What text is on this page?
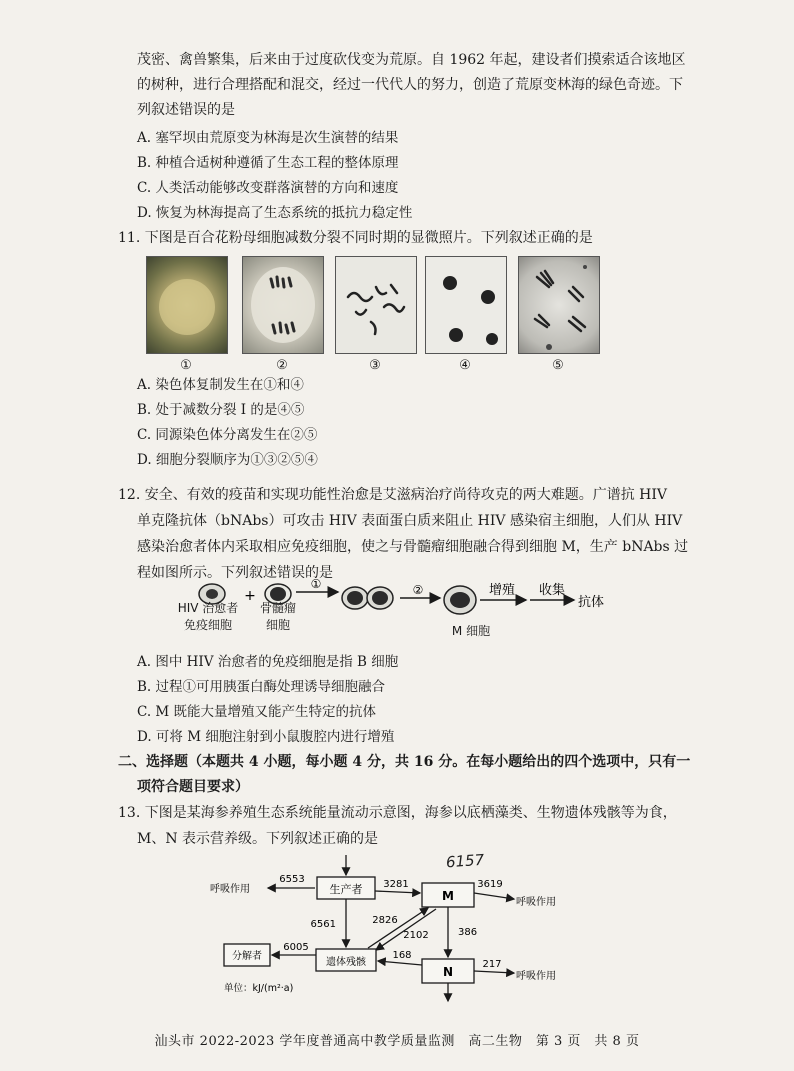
茂密、禽兽繁集，后来由于过度砍伐变为荒原。自 1962 年起，建设者们摸索适合该地区
的树种，进行合理搭配和混交，经过一代代人的努力，创造了荒原变林海的绿色奇迹。下
列叙述错误的是
A. 塞罕坝由荒原变为林海是次生演替的结果
B. 种植合适树种遵循了生态工程的整体原理
C. 人类活动能够改变群落演替的方向和速度
D. 恢复为林海提高了生态系统的抵抗力稳定性
11. 下图是百合花粉母细胞减数分裂不同时期的显微照片。下列叙述正确的是
①	②	③	④	⑤
A. 染色体复制发生在①和④
B. 处于减数分裂 I 的是④⑤
C. 同源染色体分离发生在②⑤
D. 细胞分裂顺序为①③②⑤④
12. 安全、有效的疫苗和实现功能性治愈是艾滋病治疗尚待攻克的两大难题。广谱抗 HIV
单克隆抗体（bNAbs）可攻击 HIV 表面蛋白质来阻止 HIV 感染宿主细胞，人们从 HIV
感染治愈者体内采取相应免疫细胞，使之与骨髓瘤细胞融合得到细胞 M，生产 bNAbs 过
程如图所示。下列叙述错误的是
+
①	②	增殖 收集
抗体
HIV 治愈者
免疫细胞
骨髓瘤
细胞	M 细胞
A. 图中 HIV 治愈者的免疫细胞是指 B 细胞
B. 过程①可用胰蛋白酶处理诱导细胞融合
C. M 既能大量增殖又能产生特定的抗体
D. 可将 M 细胞注射到小鼠腹腔内进行增殖
二、选择题（本题共 4 小题，每小题 4 分，共 16 分。在每小题给出的四个选项中，只有一
项符合题目要求）
13. 下图是某海参养殖生态系统能量流动示意图，海参以底栖藻类、生物遗体残骸等为食，
M、N 表示营养级。下列叙述正确的是
6157
生产者	M
呼吸作用
6553	3281	3619
呼吸作用
6561	2826
2102	386
遗体残骸
N
168
217
呼吸作用
6005
分解者
单位：kJ/(m²·a)
汕头市 2022-2023 学年度普通高中教学质量监测　高二生物　第 3 页　共 8 页
